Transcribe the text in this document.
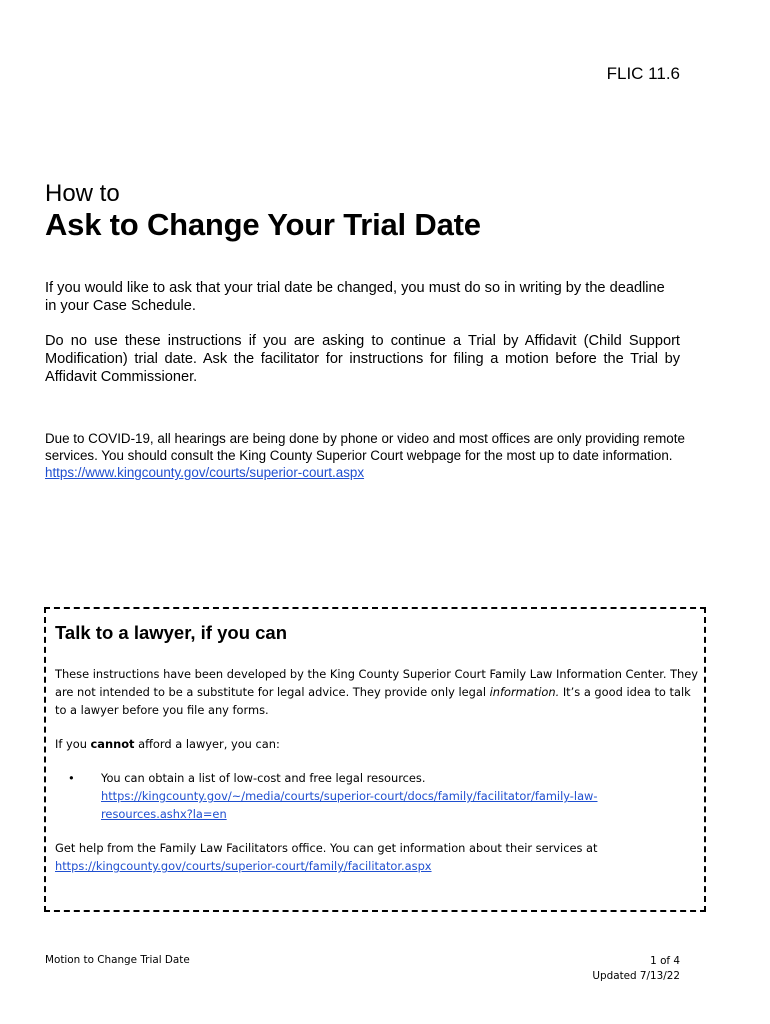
FLIC 11.6
How to
Ask to Change Your Trial Date

If you would like to ask that your trial date be changed, you must do so in writing by the deadline in your Case Schedule.

Do no use these instructions if you are asking to continue a Trial by Affidavit (Child Support Modification) trial date. Ask the facilitator for instructions for filing a motion before the Trial by Affidavit Commissioner.

Due to COVID-19, all hearings are being done by phone or video and most offices are only providing remote services. You should consult the King County Superior Court webpage for the most up to date information. https://www.kingcounty.gov/courts/superior-court.aspx

Talk to a lawyer, if you can

These instructions have been developed by the King County Superior Court Family Law Information Center. They are not intended to be a substitute for legal advice. They provide only legal information. It’s a good idea to talk to a lawyer before you file any forms.

If you cannot afford a lawyer, you can:

• You can obtain a list of low-cost and free legal resources.
https://kingcounty.gov/~/media/courts/superior-court/docs/family/facilitator/family-law-resources.ashx?la=en

Get help from the Family Law Facilitators office. You can get information about their services at
https://kingcounty.gov/courts/superior-court/family/facilitator.aspx

Motion to Change Trial Date	1 of 4
Updated 7/13/22
